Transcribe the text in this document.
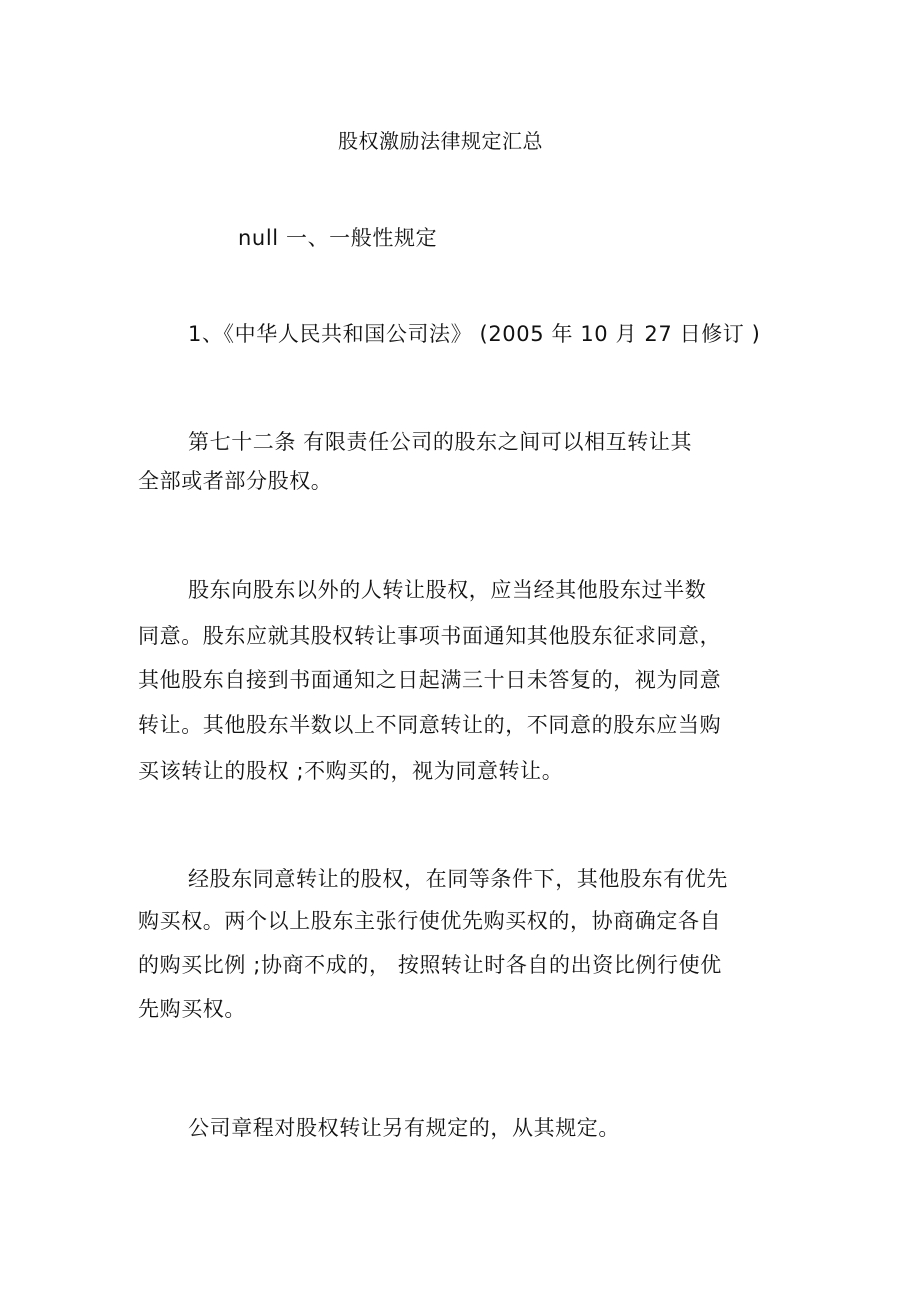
股权激励法律规定汇总
null 一、一般性规定
1、《中华人民共和国公司法》 (2005 年 10 月 27 日修订 )
第七十二条 有限责任公司的股东之间可以相互转让其
全部或者部分股权。
股东向股东以外的人转让股权，应当经其他股东过半数
同意。股东应就其股权转让事项书面通知其他股东征求同意，
其他股东自接到书面通知之日起满三十日未答复的，视为同意
转让。其他股东半数以上不同意转让的，不同意的股东应当购
买该转让的股权 ;不购买的，视为同意转让。
经股东同意转让的股权，在同等条件下，其他股东有优先
购买权。两个以上股东主张行使优先购买权的，协商确定各自
的购买比例 ;协商不成的， 按照转让时各自的出资比例行使优
先购买权。
公司章程对股权转让另有规定的，从其规定。
